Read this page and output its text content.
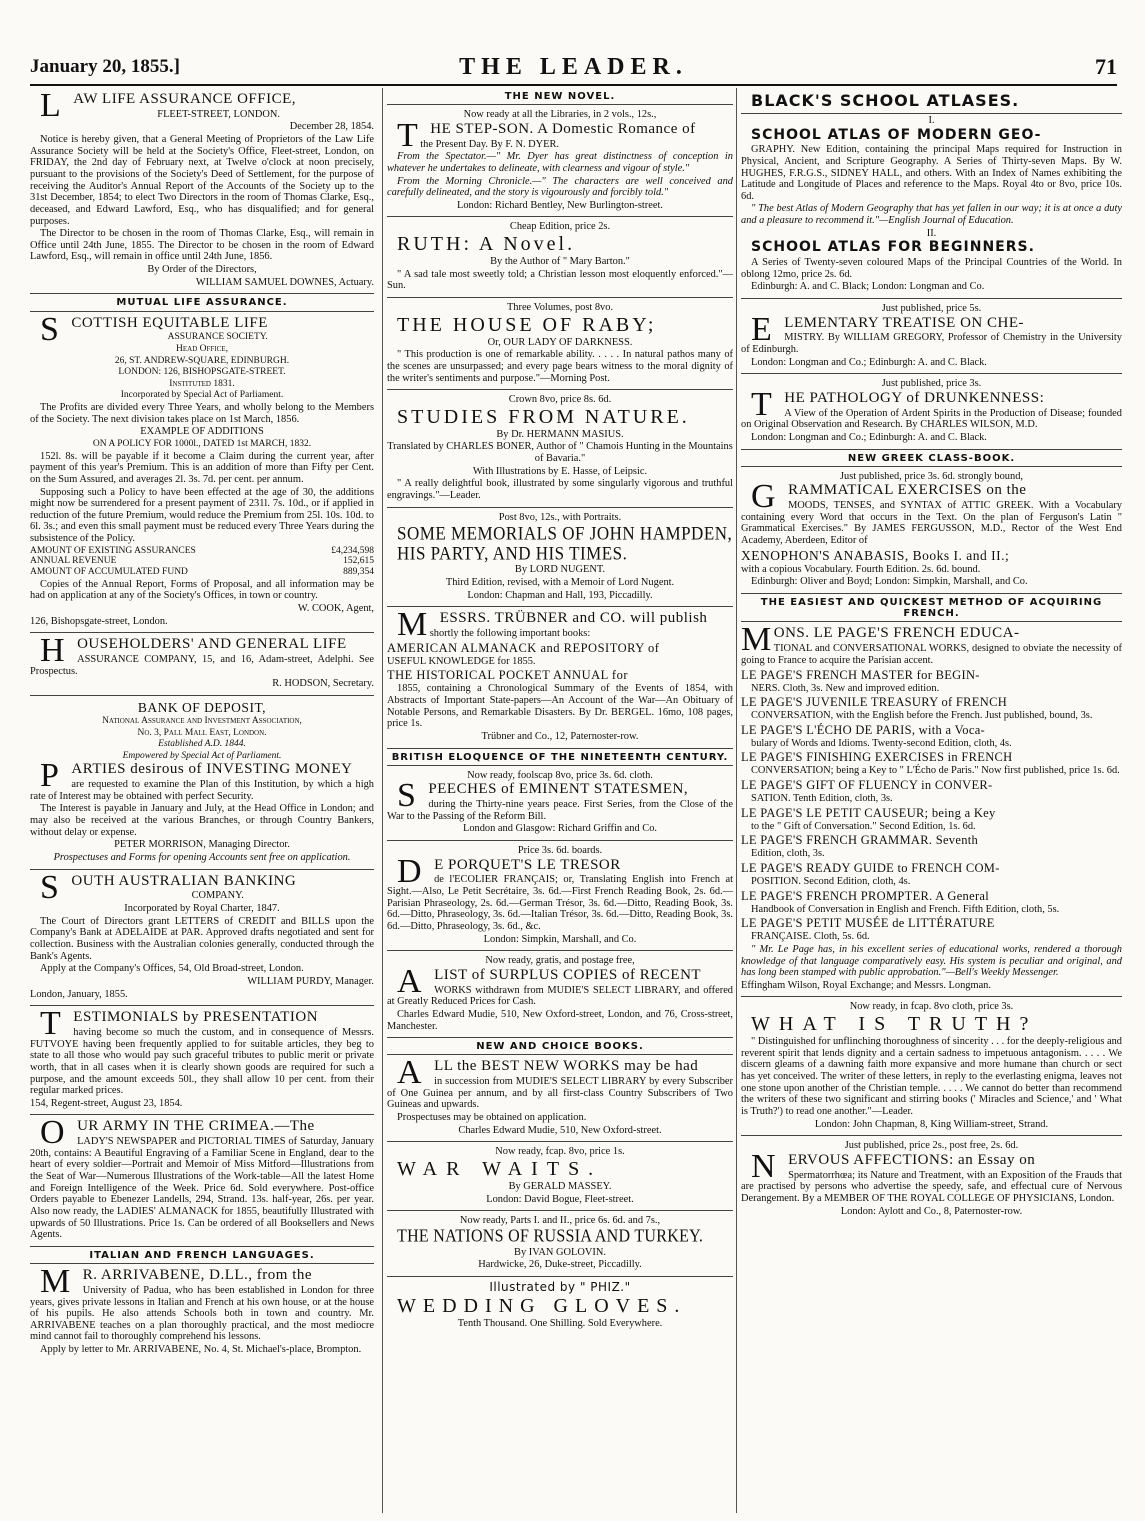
January 20, 1855.]	THE LEADER.	71

LAW LIFE ASSURANCE OFFICE,

FLEET-STREET, LONDON.

December 28, 1854.

Notice is hereby given, that a General Meeting of Proprietors of the Law Life Assurance Society will be held at the Society's Office, Fleet-street, London, on FRIDAY, the 2nd day of February next, at Twelve o'clock at noon precisely, pursuant to the provisions of the Society's Deed of Settlement, for the purpose of receiving the Auditor's Annual Report of the Accounts of the Society up to the 31st December, 1854; to elect Two Directors in the room of Thomas Clarke, Esq., deceased, and Edward Lawford, Esq., who has disqualified; and for general purposes.

The Director to be chosen in the room of Thomas Clarke, Esq., will remain in Office until 24th June, 1855. The Director to be chosen in the room of Edward Lawford, Esq., will remain in office until 24th June, 1856.

By Order of the Directors,

WILLIAM SAMUEL DOWNES, Actuary.

MUTUAL LIFE ASSURANCE.

SCOTTISH EQUITABLE LIFE

ASSURANCE SOCIETY.

Head Office,

26, ST. ANDREW-SQUARE, EDINBURGH.

LONDON: 126, BISHOPSGATE-STREET.

Instituted 1831.

Incorporated by Special Act of Parliament.

The Profits are divided every Three Years, and wholly belong to the Members of the Society. The next division takes place on 1st March, 1856.

EXAMPLE OF ADDITIONS

ON A POLICY FOR 1000l., DATED 1st MARCH, 1832.

152l. 8s. will be payable if it become a Claim during the current year, after payment of this year's Premium. This is an addition of more than Fifty per Cent. on the Sum Assured, and averages 2l. 3s. 7d. per cent. per annum.

Supposing such a Policy to have been effected at the age of 30, the additions might now be surrendered for a present payment of 231l. 7s. 10d., or if applied in reduction of the future Premium, would reduce the Premium from 25l. 10s. 10d. to 6l. 3s.; and even this small payment must be reduced every Three Years during the subsistence of the Policy.

AMOUNT OF EXISTING ASSURANCES	£4,234,598
ANNUAL REVENUE	152,615
AMOUNT OF ACCUMULATED FUND	889,354

Copies of the Annual Report, Forms of Proposal, and all information may be had on application at any of the Society's Offices, in town or country.

W. COOK, Agent,

126, Bishopsgate-street, London.

HOUSEHOLDERS' AND GENERAL LIFE

ASSURANCE COMPANY, 15, and 16, Adam-street, Adelphi. See Prospectus.

R. HODSON, Secretary.

BANK OF DEPOSIT,

National Assurance and Investment Association,

No. 3, Pall Mall East, London.

Established A.D. 1844.

Empowered by Special Act of Parliament.

PARTIES desirous of INVESTING MONEY

are requested to examine the Plan of this Institution, by which a high rate of Interest may be obtained with perfect Security.

The Interest is payable in January and July, at the Head Office in London; and may also be received at the various Branches, or through Country Bankers, without delay or expense.

PETER MORRISON, Managing Director.

Prospectuses and Forms for opening Accounts sent free on application.

SOUTH AUSTRALIAN BANKING

COMPANY.

Incorporated by Royal Charter, 1847.

The Court of Directors grant LETTERS of CREDIT and BILLS upon the Company's Bank at ADELAIDE at PAR. Approved drafts negotiated and sent for collection. Business with the Australian colonies generally, conducted through the Bank's Agents.

Apply at the Company's Offices, 54, Old Broad-street, London.

WILLIAM PURDY, Manager.

London, January, 1855.

TESTIMONIALS by PRESENTATION

having become so much the custom, and in consequence of Messrs. FUTVOYE having been frequently applied to for suitable articles, they beg to state to all those who would pay such graceful tributes to public merit or private worth, that in all cases when it is clearly shown goods are required for such a purpose, and the amount exceeds 50l., they shall allow 10 per cent. from their regular marked prices.

154, Regent-street, August 23, 1854.

OUR ARMY IN THE CRIMEA.—The

LADY'S NEWSPAPER and PICTORIAL TIMES of Saturday, January 20th, contains: A Beautiful Engraving of a Familiar Scene in England, dear to the heart of every soldier—Portrait and Memoir of Miss Mitford—Illustrations from the Seat of War—Numerous Illustrations of the Work-table—All the latest Home and Foreign Intelligence of the Week. Price 6d. Sold everywhere. Post-office Orders payable to Ebenezer Landells, 294, Strand. 13s. half-year, 26s. per year. Also now ready, the LADIES' ALMANACK for 1855, beautifully Illustrated with upwards of 50 Illustrations. Price 1s. Can be ordered of all Booksellers and News Agents.

ITALIAN AND FRENCH LANGUAGES.

MR. ARRIVABENE, D.LL., from the

University of Padua, who has been established in London for three years, gives private lessons in Italian and French at his own house, or at the house of his pupils. He also attends Schools both in town and country. Mr. ARRIVABENE teaches on a plan thoroughly practical, and the most mediocre mind cannot fail to thoroughly comprehend his lessons.

Apply by letter to Mr. ARRIVABENE, No. 4, St. Michael's-place, Brompton.

THE NEW NOVEL.

Now ready at all the Libraries, in 2 vols., 12s.,

THE STEP-SON. A Domestic Romance of

the Present Day. By F. N. DYER.

From the Spectator.—" Mr. Dyer has great distinctness of conception in whatever he undertakes to delineate, with clearness and vigour of style."

From the Morning Chronicle.—" The characters are well conceived and carefully delineated, and the story is vigourously and forcibly told."

London: Richard Bentley, New Burlington-street.

Cheap Edition, price 2s.

RUTH: A Novel.

By the Author of " Mary Barton."

" A sad tale most sweetly told; a Christian lesson most eloquently enforced."—Sun.

Three Volumes, post 8vo.

THE HOUSE OF RABY;

Or, OUR LADY OF DARKNESS.

" This production is one of remarkable ability. . . . . In natural pathos many of the scenes are unsurpassed; and every page bears witness to the moral dignity of the writer's sentiments and purpose."—Morning Post.

Crown 8vo, price 8s. 6d.

STUDIES FROM NATURE.

By Dr. HERMANN MASIUS.

Translated by CHARLES BONER, Author of " Chamois Hunting in the Mountains of Bavaria."

With Illustrations by E. Hasse, of Leipsic.

" A really delightful book, illustrated by some singularly vigorous and truthful engravings."—Leader.

Post 8vo, 12s., with Portraits.

SOME MEMORIALS OF JOHN HAMPDEN,

HIS PARTY, AND HIS TIMES.

By LORD NUGENT.

Third Edition, revised, with a Memoir of Lord Nugent.

London: Chapman and Hall, 193, Piccadilly.

MESSRS. TRÜBNER and CO. will publish

shortly the following important books:

AMERICAN ALMANACK and REPOSITORY of

USEFUL KNOWLEDGE for 1855.

THE HISTORICAL POCKET ANNUAL for

1855, containing a Chronological Summary of the Events of 1854, with Abstracts of Important State-papers—An Account of the War—An Obituary of Notable Persons, and Remarkable Disasters. By Dr. BERGEL. 16mo, 108 pages, price 1s.

Trübner and Co., 12, Paternoster-row.

BRITISH ELOQUENCE OF THE NINETEENTH CENTURY.

Now ready, foolscap 8vo, price 3s. 6d. cloth.

SPEECHES of EMINENT STATESMEN,

during the Thirty-nine years peace. First Series, from the Close of the War to the Passing of the Reform Bill.

London and Glasgow: Richard Griffin and Co.

Price 3s. 6d. boards.

DE PORQUET'S LE TRESOR

de l'ECOLIER FRANÇAIS; or, Translating English into French at Sight.—Also, Le Petit Secrétaire, 3s. 6d.—First French Reading Book, 2s. 6d.—Parisian Phraseology, 2s. 6d.—German Trésor, 3s. 6d.—Ditto, Reading Book, 3s. 6d.—Ditto, Phraseology, 3s. 6d.—Italian Trésor, 3s. 6d.—Ditto, Reading Book, 3s. 6d.—Ditto, Phraseology, 3s. 6d., &c.

London: Simpkin, Marshall, and Co.

Now ready, gratis, and postage free,

ALIST of SURPLUS COPIES of RECENT

WORKS withdrawn from MUDIE'S SELECT LIBRARY, and offered at Greatly Reduced Prices for Cash.

Charles Edward Mudie, 510, New Oxford-street, London, and 76, Cross-street, Manchester.

NEW AND CHOICE BOOKS.

ALL the BEST NEW WORKS may be had

in succession from MUDIE'S SELECT LIBRARY by every Subscriber of One Guinea per annum, and by all first-class Country Subscribers of Two Guineas and upwards.

Prospectuses may be obtained on application.

Charles Edward Mudie, 510, New Oxford-street.

Now ready, fcap. 8vo, price 1s.

WAR WAITS.

By GERALD MASSEY.

London: David Bogue, Fleet-street.

Now ready, Parts I. and II., price 6s. 6d. and 7s.,

THE NATIONS OF RUSSIA AND TURKEY.

By IVAN GOLOVIN.

Hardwicke, 26, Duke-street, Piccadilly.

Illustrated by " PHIZ."

WEDDING GLOVES.

Tenth Thousand. One Shilling. Sold Everywhere.

BLACK'S SCHOOL ATLASES.

I.

SCHOOL ATLAS OF MODERN GEO-

GRAPHY. New Edition, containing the principal Maps required for Instruction in Physical, Ancient, and Scripture Geography. A Series of Thirty-seven Maps. By W. HUGHES, F.R.G.S., SIDNEY HALL, and others. With an Index of Names exhibiting the Latitude and Longitude of Places and reference to the Maps. Royal 4to or 8vo, price 10s. 6d.

" The best Atlas of Modern Geography that has yet fallen in our way; it is at once a duty and a pleasure to recommend it."—English Journal of Education.

II.

SCHOOL ATLAS FOR BEGINNERS.

A Series of Twenty-seven coloured Maps of the Principal Countries of the World. In oblong 12mo, price 2s. 6d.

Edinburgh: A. and C. Black; London: Longman and Co.

Just published, price 5s.

ELEMENTARY TREATISE ON CHE-

MISTRY. By WILLIAM GREGORY, Professor of Chemistry in the University of Edinburgh.

London: Longman and Co.; Edinburgh: A. and C. Black.

Just published, price 3s.

THE PATHOLOGY of DRUNKENNESS:

A View of the Operation of Ardent Spirits in the Production of Disease; founded on Original Observation and Research. By CHARLES WILSON, M.D.

London: Longman and Co.; Edinburgh: A. and C. Black.

NEW GREEK CLASS-BOOK.

Just published, price 3s. 6d. strongly bound,

GRAMMATICAL EXERCISES on the

MOODS, TENSES, and SYNTAX of ATTIC GREEK. With a Vocabulary containing every Word that occurs in the Text. On the plan of Ferguson's Latin " Grammatical Exercises." By JAMES FERGUSSON, M.D., Rector of the West End Academy, Aberdeen, Editor of

XENOPHON'S ANABASIS, Books I. and II.;

with a copious Vocabulary. Fourth Edition. 2s. 6d. bound.

Edinburgh: Oliver and Boyd; London: Simpkin, Marshall, and Co.

THE EASIEST AND QUICKEST METHOD OF ACQUIRING FRENCH.

MONS. LE PAGE'S FRENCH EDUCA-

TIONAL and CONVERSATIONAL WORKS, designed to obviate the necessity of going to France to acquire the Parisian accent.

LE PAGE'S FRENCH MASTER for BEGIN-

NERS. Cloth, 3s. New and improved edition.

LE PAGE'S JUVENILE TREASURY of FRENCH

CONVERSATION, with the English before the French. Just published, bound, 3s.

LE PAGE'S L'ÉCHO DE PARIS, with a Voca-

bulary of Words and Idioms. Twenty-second Edition, cloth, 4s.

LE PAGE'S FINISHING EXERCISES in FRENCH

CONVERSATION; being a Key to " L'Écho de Paris." Now first published, price 1s. 6d.

LE PAGE'S GIFT OF FLUENCY in CONVER-

SATION. Tenth Edition, cloth, 3s.

LE PAGE'S LE PETIT CAUSEUR; being a Key

to the " Gift of Conversation." Second Edition, 1s. 6d.

LE PAGE'S FRENCH GRAMMAR. Seventh

Edition, cloth, 3s.

LE PAGE'S READY GUIDE to FRENCH COM-

POSITION. Second Edition, cloth, 4s.

LE PAGE'S FRENCH PROMPTER. A General

Handbook of Conversation in English and French. Fifth Edition, cloth, 5s.

LE PAGE'S PETIT MUSÉE de LITTÉRATURE

FRANÇAISE. Cloth, 5s. 6d.

" Mr. Le Page has, in his excellent series of educational works, rendered a thorough knowledge of that language comparatively easy. His system is peculiar and original, and has long been stamped with public approbation."—Bell's Weekly Messenger.

Effingham Wilson, Royal Exchange; and Messrs. Longman.

Now ready, in fcap. 8vo cloth, price 3s.

WHAT IS TRUTH?

" Distinguished for unflinching thoroughness of sincerity . . . for the deeply-religious and reverent spirit that lends dignity and a certain sadness to impetuous antagonism. . . . . We discern gleams of a dawning faith more expansive and more humane than church or sect has yet conceived. The writer of these letters, in reply to the everlasting enigma, leaves not one stone upon another of the Christian temple. . . . . We cannot do better than recommend the writers of these two significant and stirring books (' Miracles and Science,' and ' What is Truth?') to read one another."—Leader.

London: John Chapman, 8, King William-street, Strand.

Just published, price 2s., post free, 2s. 6d.

NERVOUS AFFECTIONS: an Essay on

Spermatorrhœa; its Nature and Treatment, with an Exposition of the Frauds that are practised by persons who advertise the speedy, safe, and effectual cure of Nervous Derangement. By a MEMBER OF THE ROYAL COLLEGE OF PHYSICIANS, London.

London: Aylott and Co., 8, Paternoster-row.
